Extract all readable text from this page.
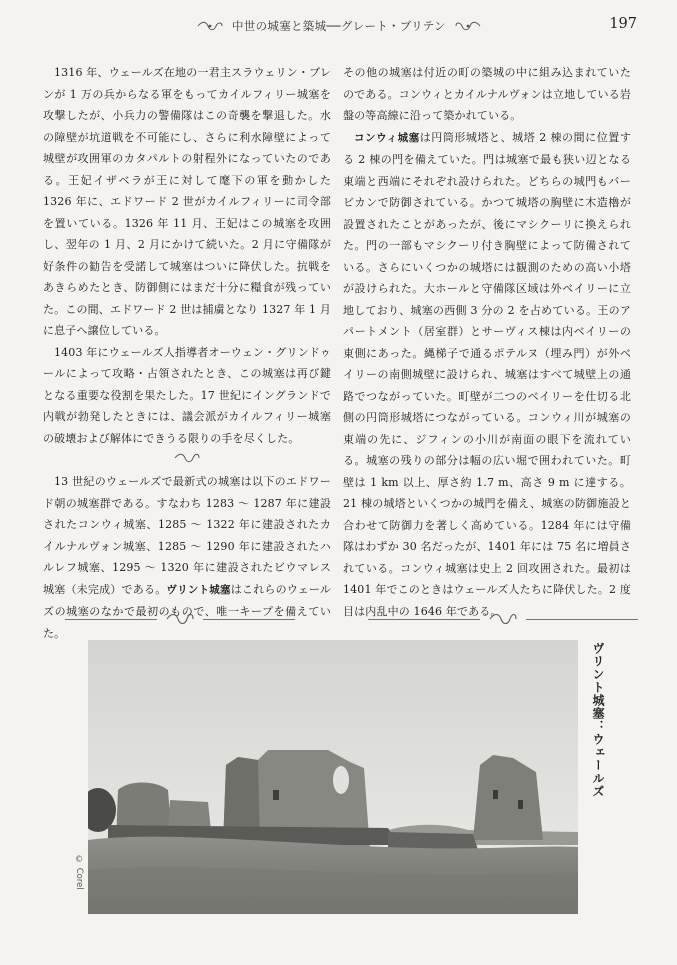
中世の城塞と築城──グレート・ブリテン	197

1316 年、ウェールズ在地の一君主スラウェリン・ブレンが 1 万の兵からなる軍をもってカイルフィリー城塞を攻撃したが、小兵力の警備隊はこの奇襲を撃退した。水の障壁が坑道戦を不可能にし、さらに利水障壁によって城壁が攻囲軍のカタパルトの射程外になっていたのである。王妃イザベラが王に対して麾下の軍を動かした 1326 年に、エドワード 2 世がカイルフィリーに司令部を置いている。1326 年 11 月、王妃はこの城塞を攻囲し、翌年の 1 月、2 月にかけて続いた。2 月に守備隊が好条件の勧告を受諾して城塞はついに降伏した。抗戦をあきらめたとき、防御側にはまだ十分に糧食が残っていた。この間、エドワード 2 世は捕虜となり 1327 年 1 月に息子へ譲位している。

1403 年にウェールズ人指導者オーウェン・グリンドゥールによって攻略・占領されたとき、この城塞は再び鍵となる重要な役割を果たした。17 世紀にイングランドで内戦が勃発したときには、議会派がカイルフィリー城塞の破壊および解体にできうる限りの手を尽くした。

13 世紀のウェールズで最新式の城塞は以下のエドワード朝の城塞群である。すなわち 1283 〜 1287 年に建設されたコンウィ城塞、1285 〜 1322 年に建設されたカイルナルヴォン城塞、1285 〜 1290 年に建設されたハルレフ城塞、1295 〜 1320 年に建設されたビウマレス城塞（未完成）である。ヴリント城塞はこれらのウェールズの城塞のなかで最初のもので、唯一キープを備えていた。

その他の城塞は付近の町の築城の中に組み込まれていたのである。コンウィとカイルナルヴォンは立地している岩盤の等高線に沿って築かれている。

コンウィ城塞は円筒形城塔と、城塔 2 棟の間に位置する 2 棟の門を備えていた。門は城塞で最も狭い辺となる東端と西端にそれぞれ設けられた。どちらの城門もバービカンで防御されている。かつて城塔の胸壁に木造櫓が設置されたことがあったが、後にマシクーリに換えられた。門の一部もマシクーリ付き胸壁によって防備されている。さらにいくつかの城塔には観測のための高い小塔が設けられた。大ホールと守備隊区域は外ベイリーに立地しており、城塞の西側 3 分の 2 を占めている。王のアパートメント（居室群）とサーヴィス棟は内ベイリーの東側にあった。縄梯子で通るポテルヌ（埋み門）が外ベイリーの南側城壁に設けられ、城塞はすべて城壁上の通路でつながっていた。町壁が二つのベイリーを仕切る北側の円筒形城塔につながっている。コンウィ川が城塞の東端の先に、ジフィンの小川が南面の眼下を流れている。城塞の残りの部分は幅の広い堀で囲われていた。町壁は 1 km 以上、厚さ約 1.7 m、高さ 9 m に達する。21 棟の城塔といくつかの城門を備え、城塞の防御施設と合わせて防御力を著しく高めている。1284 年には守備隊はわずか 30 名だったが、1401 年には 75 名に増員されている。コンウィ城塞は史上 2 回攻囲された。最初は 1401 年でこのときはウェールズ人たちに降伏した。2 度目は内乱中の 1646 年である。

© Corel
ヴリント城塞：ウェールズ
